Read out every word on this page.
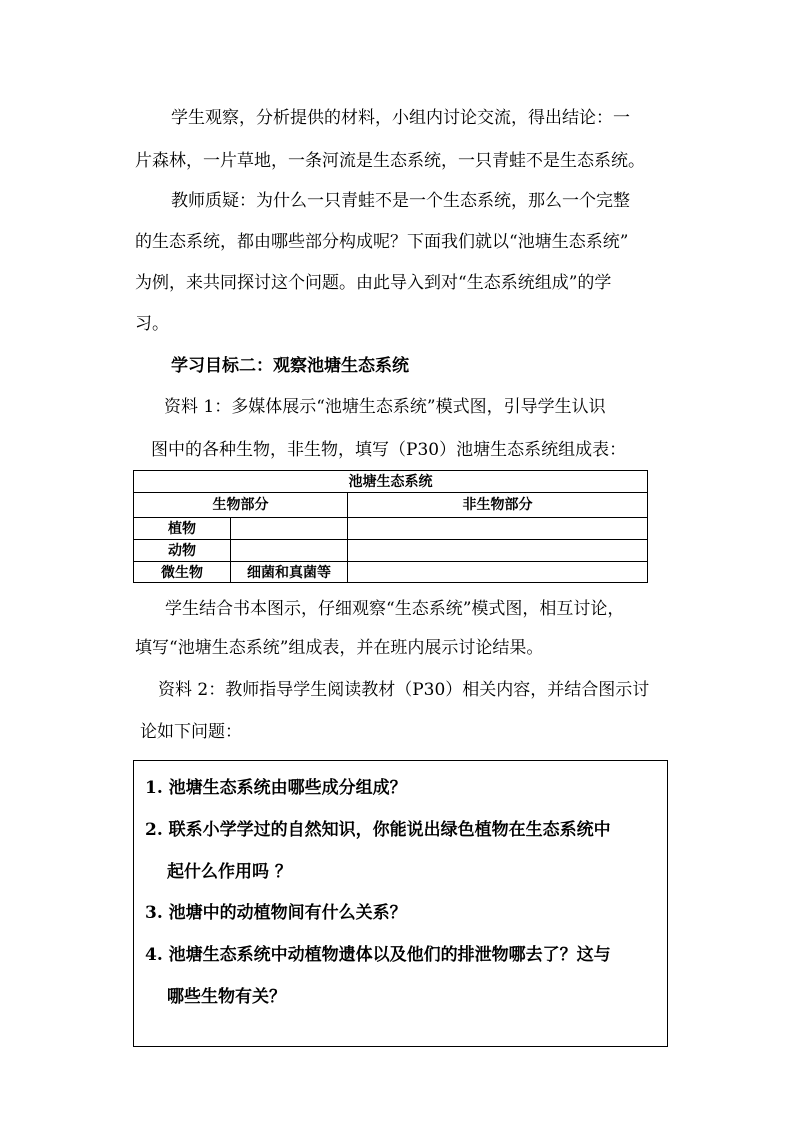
学生观察，分析提供的材料，小组内讨论交流，得出结论：一
片森林，一片草地，一条河流是生态系统，一只青蛙不是生态系统。
教师质疑：为什么一只青蛙不是一个生态系统，那么一个完整
的生态系统，都由哪些部分构成呢？下面我们就以“池塘生态系统”
为例，来共同探讨这个问题。由此导入到对“生态系统组成”的学
习。
学习目标二：观察池塘生态系统
资料 1：多媒体展示“池塘生态系统”模式图，引导学生认识
图中的各种生物，非生物，填写（P30）池塘生态系统组成表：
池塘生态系统
生物部分	非生物部分
植物
动物
微生物	细菌和真菌等
学生结合书本图示，仔细观察“生态系统”模式图，相互讨论，
填写“池塘生态系统”组成表，并在班内展示讨论结果。
资料 2：教师指导学生阅读教材（P30）相关内容，并结合图示讨
论如下问题：
1. 池塘生态系统由哪些成分组成？
2. 联系小学学过的自然知识，你能说出绿色植物在生态系统中
起什么作用吗 ？
3. 池塘中的动植物间有什么关系？
4. 池塘生态系统中动植物遗体以及他们的排泄物哪去了？这与
哪些生物有关？
